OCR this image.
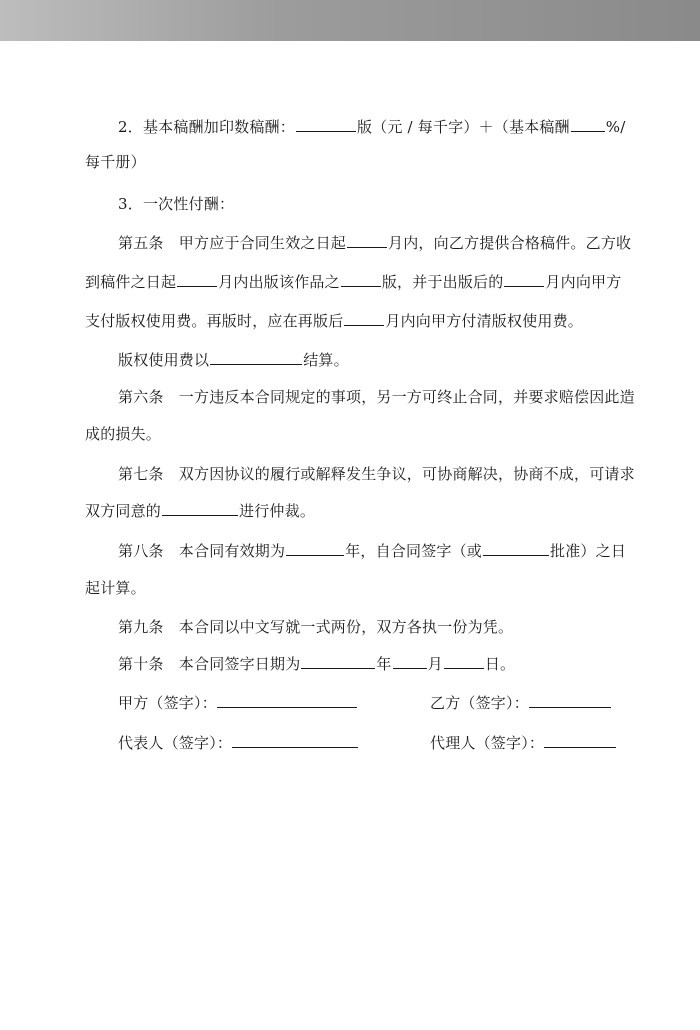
2．基本稿酬加印数稿酬：	版（元 / 每千字）＋（基本稿酬 %/
每千册）
3．一次性付酬：
第五条　甲方应于合同生效之日起	月内，向乙方提供合格稿件。乙方收
到稿件之日起	月内出版该作品之	版，并于出版后的	月内向甲方
支付版权使用费。再版时，应在再版后	月内向甲方付清版权使用费。
版权使用费以	结算。
第六条　一方违反本合同规定的事项，另一方可终止合同，并要求赔偿因此造
成的损失。
第七条　双方因协议的履行或解释发生争议，可协商解决，协商不成，可请求
双方同意的	进行仲裁。
第八条　本合同有效期为	年，自合同签字（或	批准）之日
起计算。
第九条　本合同以中文写就一式两份，双方各执一份为凭。
第十条　本合同签字日期为	年 月	日。
甲方（签字）：	乙方（签字）：
代表人（签字）：	代理人（签字）：
